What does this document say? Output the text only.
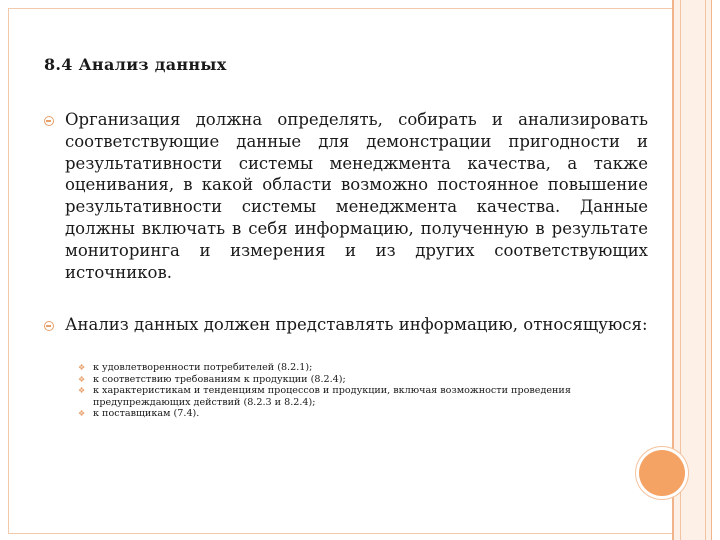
8.4 Анализ данных
Организация должна определять, собирать и анализировать соответствующие данные для демонстрации пригодности и результативности системы менеджмента качества, а также оценивания, в какой области возможно постоянное повышение результативности системы менеджмента качества. Данные должны включать в себя информацию, полученную в результате мониторинга и измерения и из других соответствующих источников.
Анализ данных должен представлять информацию, относящуюся:
❖ к удовлетворенности потребителей (8.2.1);
❖ к соответствию требованиям к продукции (8.2.4);
❖ к характеристикам и тенденциям процессов и продукции, включая возможности проведения предупреждающих действий (8.2.3 и 8.2.4);
❖ к поставщикам (7.4).
